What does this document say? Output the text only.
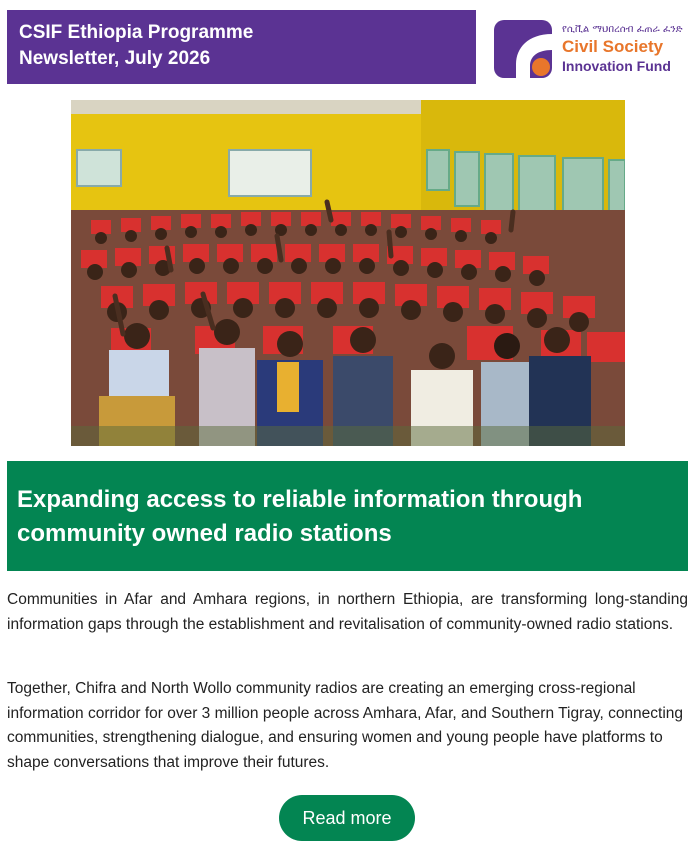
CSIF Ethiopia Programme
Newsletter, July 2026
የሲቪል ማህበረሰብ ፈጠራ ፈንድ
Civil Society
Innovation Fund
Expanding access to reliable information through community owned radio stations

Communities in Afar and Amhara regions, in northern Ethiopia, are transforming long-standing information gaps through the establishment and revitalisation of community-owned radio stations.

Together, Chifra and North Wollo community radios are creating an emerging cross-regional information corridor for over 3 million people across Amhara, Afar, and Southern Tigray, connecting communities, strengthening dialogue, and ensuring women and young people have platforms to shape conversations that improve their futures.

Read more
